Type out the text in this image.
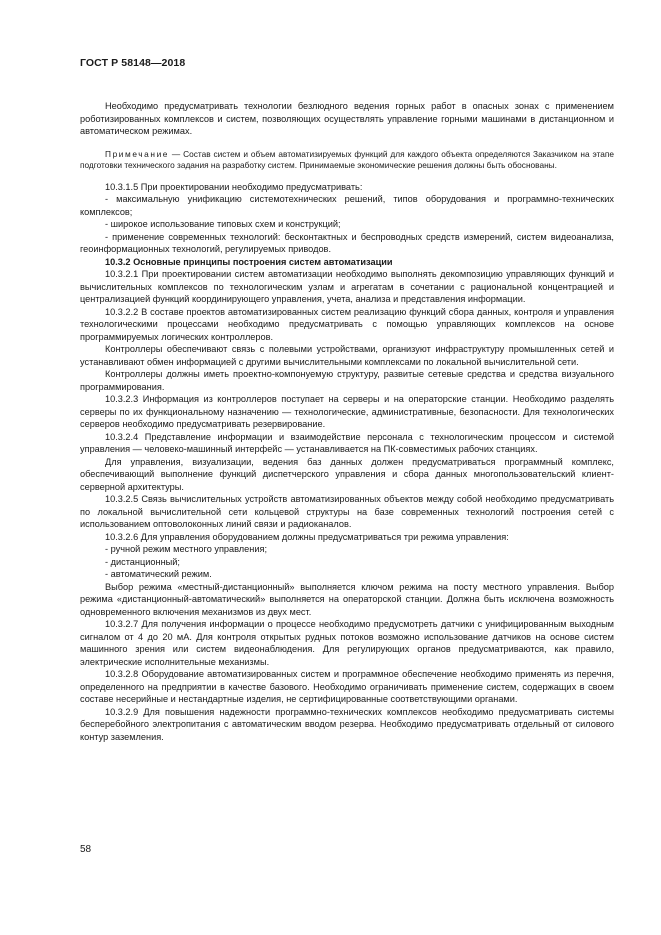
ГОСТ Р 58148—2018

Необходимо предусматривать технологии безлюдного ведения горных работ в опасных зонах с применением роботизированных комплексов и систем, позволяющих осуществлять управление горными машинами в дистанционном и автоматическом режимах.

Примечание — Состав систем и объем автоматизируемых функций для каждого объекта определяются Заказчиком на этапе подготовки технического задания на разработку систем. Принимаемые экономические решения должны быть обоснованы.

10.3.1.5 При проектировании необходимо предусматривать:

- максимальную унификацию системотехнических решений, типов оборудования и программно-технических комплексов;

- широкое использование типовых схем и конструкций;

- применение современных технологий: бесконтактных и беспроводных средств измерений, систем видеоанализа, геоинформационных технологий, регулируемых приводов.

10.3.2 Основные принципы построения систем автоматизации

10.3.2.1 При проектировании систем автоматизации необходимо выполнять декомпозицию управляющих функций и вычислительных комплексов по технологическим узлам и агрегатам в сочетании с рациональной концентрацией и централизацией функций координирующего управления, учета, анализа и представления информации.

10.3.2.2 В составе проектов автоматизированных систем реализацию функций сбора данных, контроля и управления технологическими процессами необходимо предусматривать с помощью управляющих комплексов на основе программируемых логических контроллеров.

Контроллеры обеспечивают связь с полевыми устройствами, организуют инфраструктуру промышленных сетей и устанавливают обмен информацией с другими вычислительными комплексами по локальной вычислительной сети.

Контроллеры должны иметь проектно-компонуемую структуру, развитые сетевые средства и средства визуального программирования.

10.3.2.3 Информация из контроллеров поступает на серверы и на операторские станции. Необходимо разделять серверы по их функциональному назначению — технологические, административные, безопасности. Для технологических серверов необходимо предусматривать резервирование.

10.3.2.4 Представление информации и взаимодействие персонала с технологическим процессом и системой управления — человеко-машинный интерфейс — устанавливается на ПК-совместимых рабочих станциях.

Для управления, визуализации, ведения баз данных должен предусматриваться программный комплекс, обеспечивающий выполнение функций диспетчерского управления и сбора данных многопользовательский клиент-серверной архитектуры.

10.3.2.5 Связь вычислительных устройств автоматизированных объектов между собой необходимо предусматривать по локальной вычислительной сети кольцевой структуры на базе современных технологий построения сетей с использованием оптоволоконных линий связи и радиоканалов.

10.3.2.6 Для управления оборудованием должны предусматриваться три режима управления:

- ручной режим местного управления;

- дистанционный;

- автоматический режим.

Выбор режима «местный-дистанционный» выполняется ключом режима на посту местного управления. Выбор режима «дистанционный-автоматический» выполняется на операторской станции. Должна быть исключена возможность одновременного включения механизмов из двух мест.

10.3.2.7 Для получения информации о процессе необходимо предусмотреть датчики с унифицированным выходным сигналом от 4 до 20 мА. Для контроля открытых рудных потоков возможно использование датчиков на основе систем машинного зрения или систем видеонаблюдения. Для регулирующих органов предусматриваются, как правило, электрические исполнительные механизмы.

10.3.2.8 Оборудование автоматизированных систем и программное обеспечение необходимо применять из перечня, определенного на предприятии в качестве базового. Необходимо ограничивать применение систем, содержащих в своем составе несерийные и нестандартные изделия, не сертифицированные соответствующими органами.

10.3.2.9 Для повышения надежности программно-технических комплексов необходимо предусматривать системы бесперебойного электропитания с автоматическим вводом резерва. Необходимо предусматривать отдельный от силового контур заземления.

58
